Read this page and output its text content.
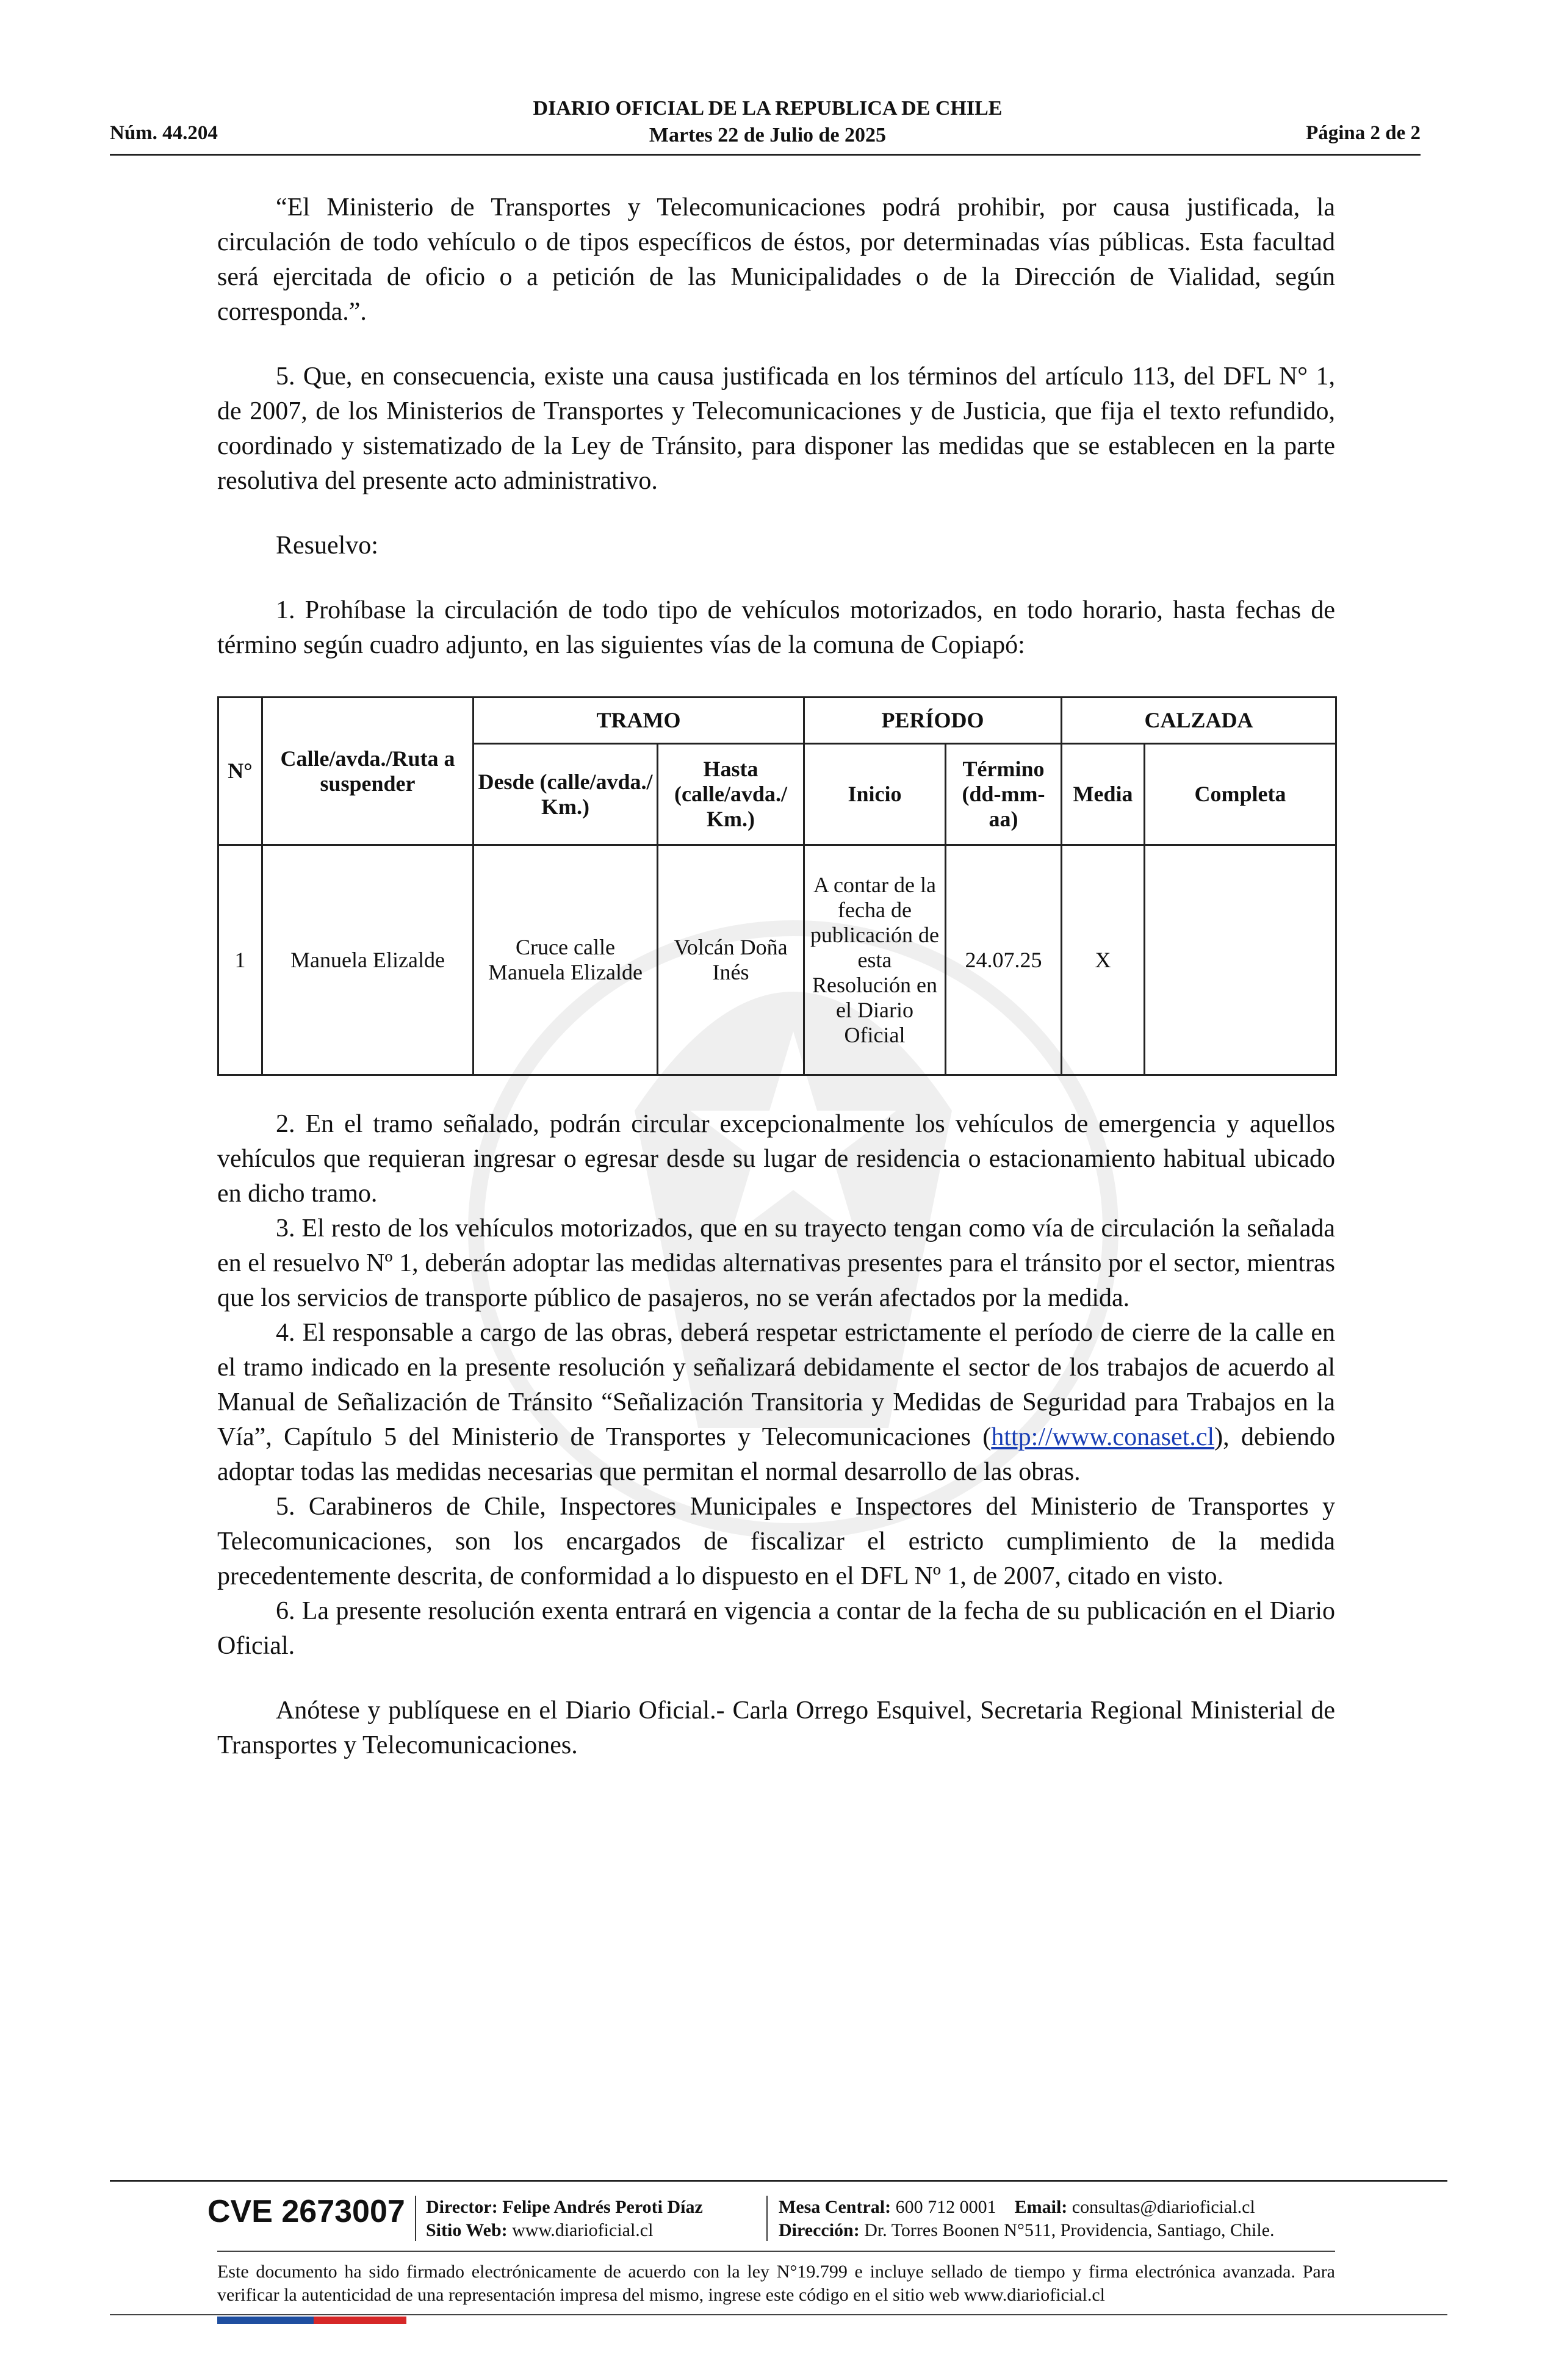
Núm. 44.204
DIARIO OFICIAL DE LA REPUBLICA DE CHILE
Martes 22 de Julio de 2025	Página 2 de 2

“El Ministerio de Transportes y Telecomunicaciones podrá prohibir, por causa justificada, la circulación de todo vehículo o de tipos específicos de éstos, por determinadas vías públicas. Esta facultad será ejercitada de oficio o a petición de las Municipalidades o de la Dirección de Vialidad, según corresponda.”.

5. Que, en consecuencia, existe una causa justificada en los términos del artículo 113, del DFL N° 1, de 2007, de los Ministerios de Transportes y Telecomunicaciones y de Justicia, que fija el texto refundido, coordinado y sistematizado de la Ley de Tránsito, para disponer las medidas que se establecen en la parte resolutiva del presente acto administrativo.

Resuelvo:

1. Prohíbase la circulación de todo tipo de vehículos motorizados, en todo horario, hasta fechas de término según cuadro adjunto, en las siguientes vías de la comuna de Copiapó:

N°	Calle/avda./Ruta a suspender	TRAMO		PERÍODO		CALZADA	
		Desde (calle/avda./ Km.)	Hasta (calle/avda./ Km.)	Inicio	Término (dd-mm-aa)	Media	Completa
1	Manuela Elizalde	Cruce calle Manuela Elizalde	Volcán Doña Inés	A contar de la fecha de publicación de esta Resolución en el Diario Oficial	24.07.25	X	

2. En el tramo señalado, podrán circular excepcionalmente los vehículos de emergencia y aquellos vehículos que requieran ingresar o egresar desde su lugar de residencia o estacionamiento habitual ubicado en dicho tramo.

3. El resto de los vehículos motorizados, que en su trayecto tengan como vía de circulación la señalada en el resuelvo Nº 1, deberán adoptar las medidas alternativas presentes para el tránsito por el sector, mientras que los servicios de transporte público de pasajeros, no se verán afectados por la medida.

4. El responsable a cargo de las obras, deberá respetar estrictamente el período de cierre de la calle en el tramo indicado en la presente resolución y señalizará debidamente el sector de los trabajos de acuerdo al Manual de Señalización de Tránsito “Señalización Transitoria y Medidas de Seguridad para Trabajos en la Vía”, Capítulo 5 del Ministerio de Transportes y Telecomunicaciones (http://www.conaset.cl), debiendo adoptar todas las medidas necesarias que permitan el normal desarrollo de las obras.

5. Carabineros de Chile, Inspectores Municipales e Inspectores del Ministerio de Transportes y Telecomunicaciones, son los encargados de fiscalizar el estricto cumplimiento de la medida precedentemente descrita, de conformidad a lo dispuesto en el DFL Nº 1, de 2007, citado en visto.

6. La presente resolución exenta entrará en vigencia a contar de la fecha de su publicación en el Diario Oficial.

Anótese y publíquese en el Diario Oficial.- Carla Orrego Esquivel, Secretaria Regional Ministerial de Transportes y Telecomunicaciones.

CVE 2673007 Director: Felipe Andrés Peroti Díaz
Sitio Web: www.diarioficial.cl
Mesa Central: 600 712 0001 Email: consultas@diarioficial.cl
Dirección: Dr. Torres Boonen N°511, Providencia, Santiago, Chile.
Este documento ha sido firmado electrónicamente de acuerdo con la ley N°19.799 e incluye sellado de tiempo y firma electrónica avanzada. Para verificar la autenticidad de una representación impresa del mismo, ingrese este código en el sitio web www.diarioficial.cl
